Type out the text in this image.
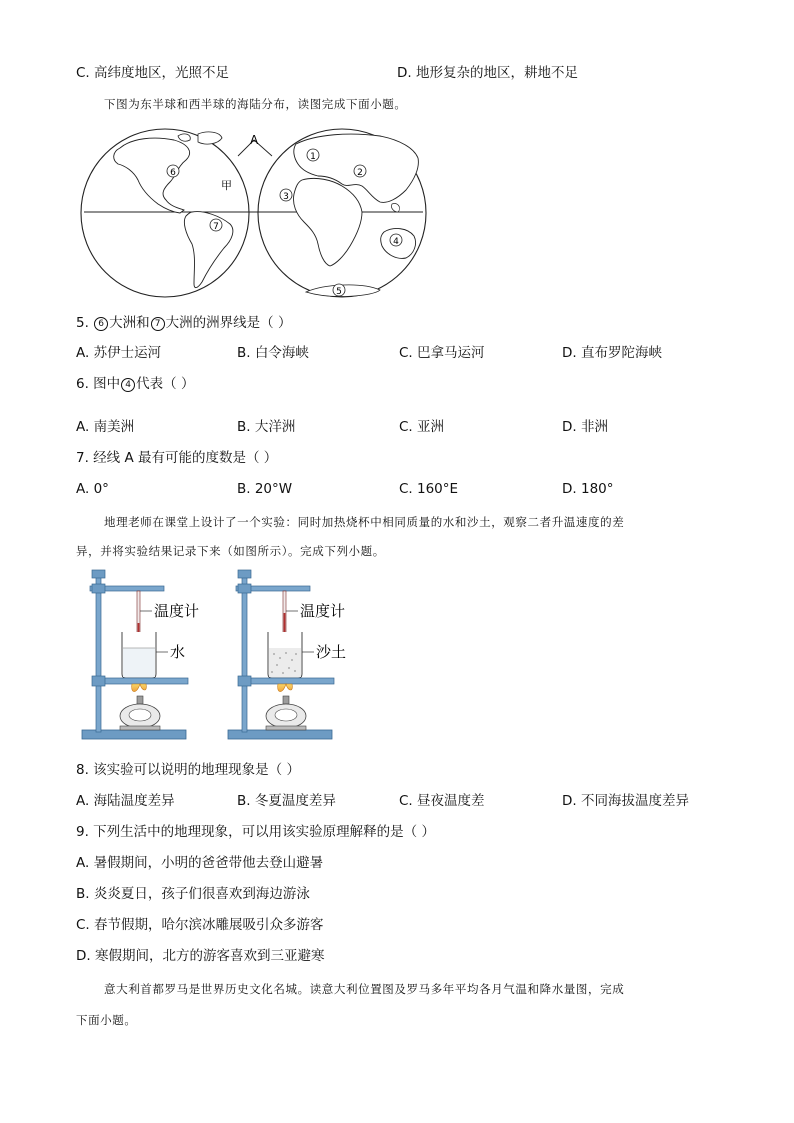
C. 高纬度地区，光照不足	D. 地形复杂的地区，耕地不足
下图为东半球和西半球的海陆分布，读图完成下面小题。
A
1
2
3
4
5
6
7
甲
5. 6 大洲和 7 大洲的洲界线是（ ）
A. 苏伊士运河	B. 白令海峡	C. 巴拿马运河	D. 直布罗陀海峡
6. 图中 4 代表（ ）
A. 南美洲	B. 大洋洲	C. 亚洲	D. 非洲
7. 经线 A 最有可能的度数是（ ）
A. 0°	B. 20°W	C. 160°E	D. 180°
地理老师在课堂上设计了一个实验：同时加热烧杯中相同质量的水和沙土，观察二者升温速度的差
异，并将实验结果记录下来（如图所示）。完成下列小题。
温度计
水
温度计
沙土
8. 该实验可以说明的地理现象是（ ）
A. 海陆温度差异	B. 冬夏温度差异	C. 昼夜温度差	D. 不同海拔温度差异
9. 下列生活中的地理现象，可以用该实验原理解释的是（ ）
A. 暑假期间，小明的爸爸带他去登山避暑
B. 炎炎夏日，孩子们很喜欢到海边游泳
C. 春节假期，哈尔滨冰雕展吸引众多游客
D. 寒假期间，北方的游客喜欢到三亚避寒
意大利首都罗马是世界历史文化名城。读意大利位置图及罗马多年平均各月气温和降水量图，完成
下面小题。
